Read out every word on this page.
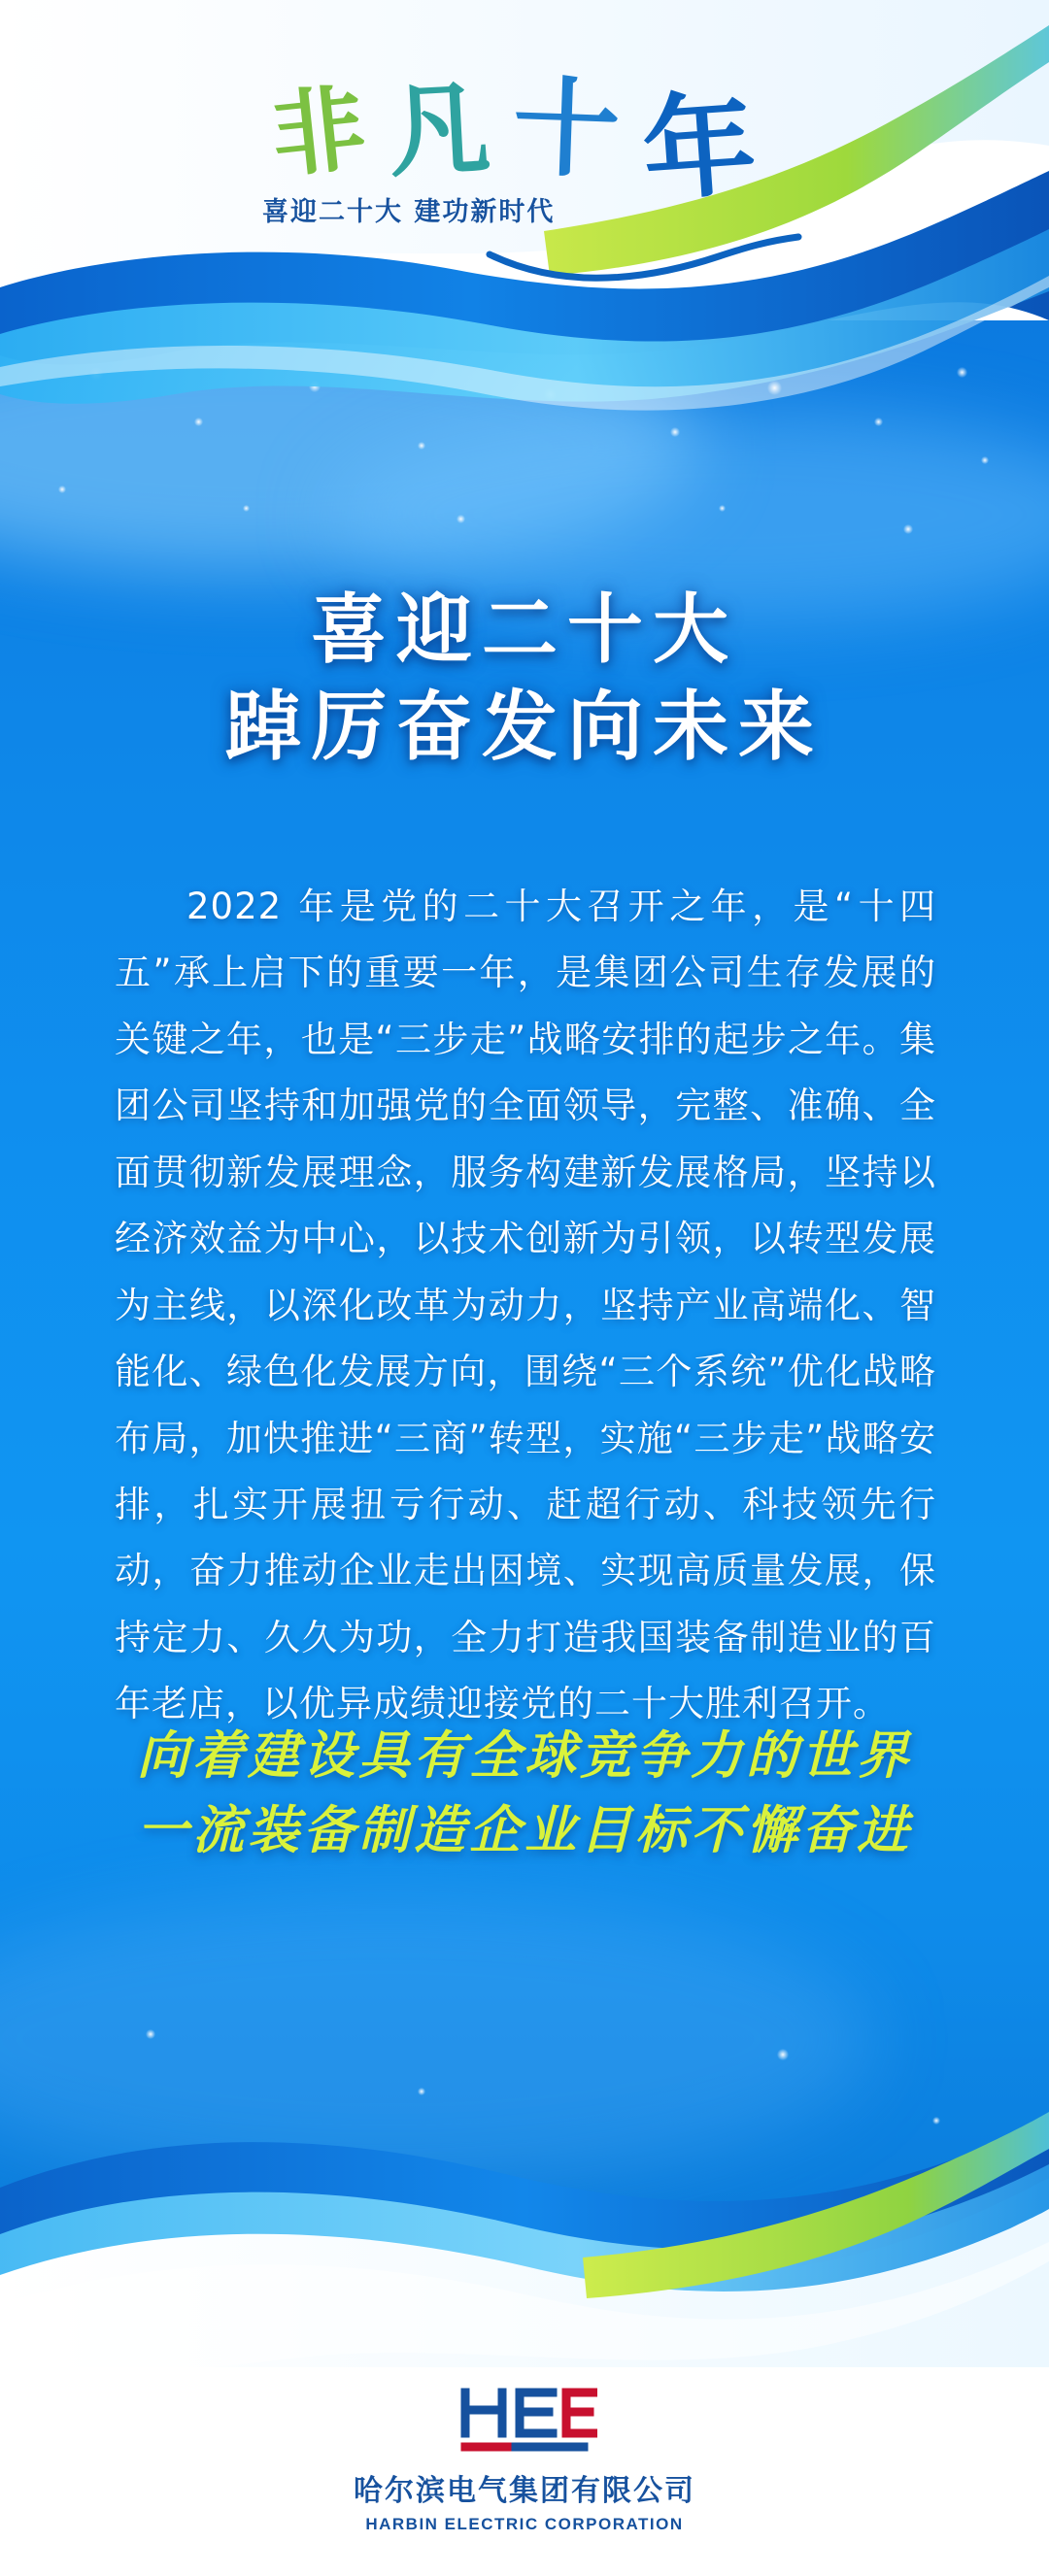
非 凡 十 年
喜迎二十大 建功新时代
喜迎二十大
踔厉奋发向未来
2022 年是党的二十大召开之年，是“十四五”承上启下的重要一年，是集团公司生存发展的关键之年，也是“三步走”战略安排的起步之年。集团公司坚持和加强党的全面领导，完整、准确、全面贯彻新发展理念，服务构建新发展格局，坚持以经济效益为中心，以技术创新为引领，以转型发展为主线，以深化改革为动力，坚持产业高端化、智能化、绿色化发展方向，围绕“三个系统”优化战略布局，加快推进“三商”转型，实施“三步走”战略安排，扎实开展扭亏行动、赶超行动、科技领先行动，奋力推动企业走出困境、实现高质量发展，保持定力、久久为功，全力打造我国装备制造业的百年老店，以优异成绩迎接党的二十大胜利召开。
向着建设具有全球竞争力的世界
一流装备制造企业目标不懈奋进
哈尔滨电气集团有限公司
HARBIN ELECTRIC CORPORATION
